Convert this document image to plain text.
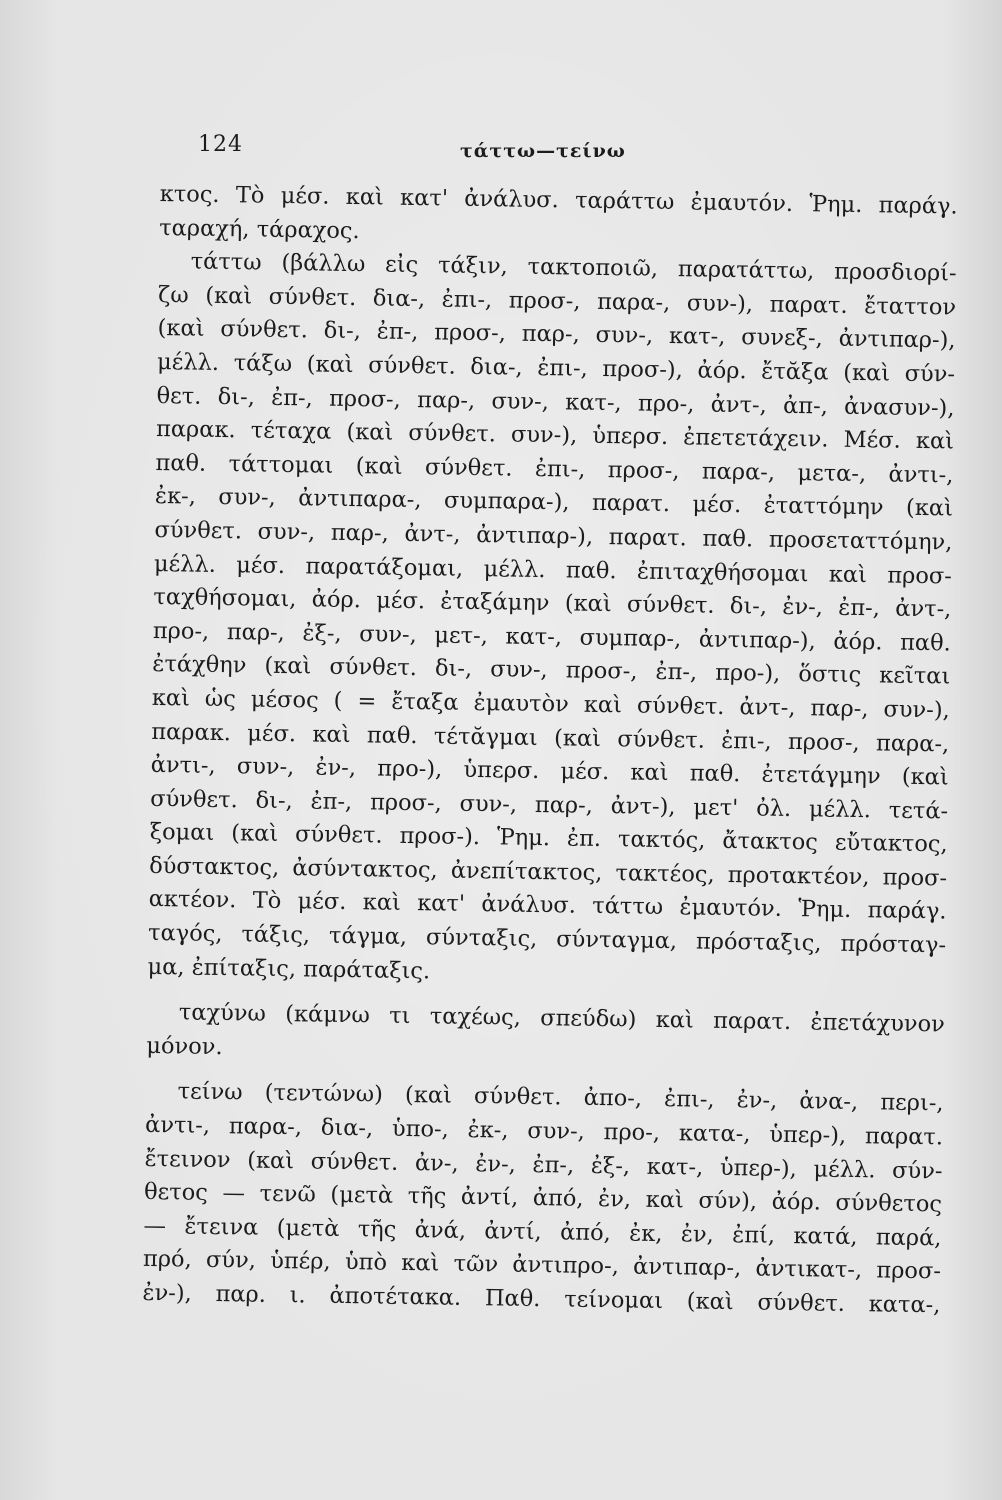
124	τάττω—τείνω
κτος. Τὸ μέσ. καὶ κατ' ἀνάλυσ. ταράττω ἐμαυτόν. Ῥημ. παράγ.
ταραχή, τάραχος.
τάττω (βάλλω εἰς τάξιν, τακτοποιῶ, παρατάττω, προσδιορί-
ζω (καὶ σύνθετ. δια-, ἐπι-, προσ-, παρα-, συν-), παρατ. ἔταττον
(καὶ σύνθετ. δι-, ἐπ-, προσ-, παρ-, συν-, κατ-, συνεξ-, ἀντιπαρ-),
μέλλ. τάξω (καὶ σύνθετ. δια-, ἐπι-, προσ-), ἀόρ. ἔτᾰξα (καὶ σύν-
θετ. δι-, ἐπ-, προσ-, παρ-, συν-, κατ-, προ-, ἀντ-, ἀπ-, ἀνασυν-),
παρακ. τέταχα (καὶ σύνθετ. συν-), ὑπερσ. ἐπετετάχειν. Μέσ. καὶ
παθ. τάττομαι (καὶ σύνθετ. ἐπι-, προσ-, παρα-, μετα-, ἀντι-,
ἐκ-, συν-, ἀντιπαρα-, συμπαρα-), παρατ. μέσ. ἐταττόμην (καὶ
σύνθετ. συν-, παρ-, ἀντ-, ἀντιπαρ-), παρατ. παθ. προσεταττόμην,
μέλλ. μέσ. παρατάξομαι, μέλλ. παθ. ἐπιταχθήσομαι καὶ προσ-
ταχθήσομαι, ἀόρ. μέσ. ἐταξάμην (καὶ σύνθετ. δι-, ἐν-, ἐπ-, ἀντ-,
προ-, παρ-, ἐξ-, συν-, μετ-, κατ-, συμπαρ-, ἀντιπαρ-), ἀόρ. παθ.
ἐτάχθην (καὶ σύνθετ. δι-, συν-, προσ-, ἐπ-, προ-), ὅστις κεῖται
καὶ ὡς μέσος ( = ἔταξα ἐμαυτὸν καὶ σύνθετ. ἀντ-, παρ-, συν-),
παρακ. μέσ. καὶ παθ. τέτᾰγμαι (καὶ σύνθετ. ἐπι-, προσ-, παρα-,
ἀντι-, συν-, ἐν-, προ-), ὑπερσ. μέσ. καὶ παθ. ἐτετάγμην (καὶ
σύνθετ. δι-, ἐπ-, προσ-, συν-, παρ-, ἀντ-), μετ' ὀλ. μέλλ. τετά-
ξομαι (καὶ σύνθετ. προσ-). Ῥημ. ἐπ. τακτός, ἄτακτος εὔτακτος,
δύστακτος, ἀσύντακτος, ἀνεπίτακτος, τακτέος, προτακτέον, προσ-
ακτέον. Τὸ μέσ. καὶ κατ' ἀνάλυσ. τάττω ἐμαυτόν. Ῥημ. παράγ.
ταγός, τάξις, τάγμα, σύνταξις, σύνταγμα, πρόσταξις, πρόσταγ-
μα, ἐπίταξις, παράταξις.
ταχύνω (κάμνω τι ταχέως, σπεύδω) καὶ παρατ. ἐπετάχυνον
μόνον.
τείνω (τεντώνω) (καὶ σύνθετ. ἀπο-, ἐπι-, ἐν-, ἀνα-, περι-,
ἀντι-, παρα-, δια-, ὑπο-, ἐκ-, συν-, προ-, κατα-, ὑπερ-), παρατ.
ἔτεινον (καὶ σύνθετ. ἀν-, ἐν-, ἐπ-, ἐξ-, κατ-, ὑπερ-), μέλλ. σύν-
θετος — τενῶ (μετὰ τῆς ἀντί, ἀπό, ἐν, καὶ σύν), ἀόρ. σύνθετος
— ἔτεινα (μετὰ τῆς ἀνά, ἀντί, ἀπό, ἐκ, ἐν, ἐπί, κατά, παρά,
πρό, σύν, ὑπέρ, ὑπὸ καὶ τῶν ἀντιπρο-, ἀντιπαρ-, ἀντικατ-, προσ-
ἐν-), παρ. ι. ἀποτέτακα. Παθ. τείνομαι (καὶ σύνθετ. κατα-,
